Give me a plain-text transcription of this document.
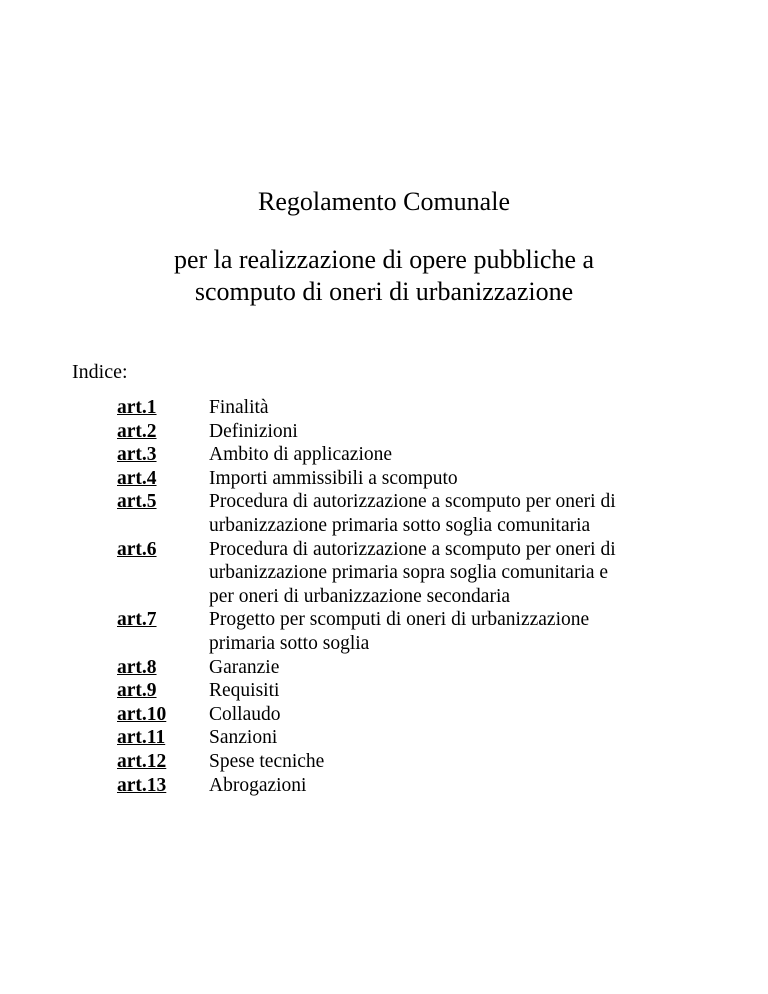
Regolamento Comunale
per la realizzazione di opere pubbliche a
scomputo di oneri di urbanizzazione

Indice:

art.1	Finalità
art.2	Definizioni
art.3	Ambito di applicazione
art.4	Importi ammissibili a scomputo
art.5	Procedura di autorizzazione a scomputo per oneri di
urbanizzazione primaria sotto soglia comunitaria
art.6	Procedura di autorizzazione a scomputo per oneri di
urbanizzazione primaria sopra soglia comunitaria e
per oneri di urbanizzazione secondaria
art.7	Progetto per scomputi di oneri di urbanizzazione
primaria sotto soglia
art.8	Garanzie
art.9	Requisiti
art.10	Collaudo
art.11	Sanzioni
art.12	Spese tecniche
art.13	Abrogazioni
